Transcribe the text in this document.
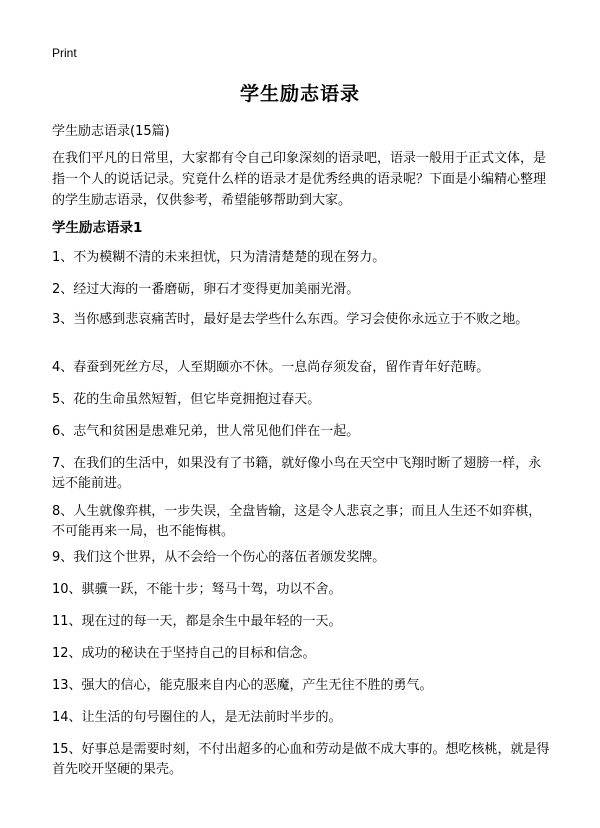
Print
学生励志语录
学生励志语录(15篇)

在我们平凡的日常里，大家都有令自己印象深刻的语录吧，语录一般用于正式文体，是指一个人的说话记录。究竟什么样的语录才是优秀经典的语录呢？下面是小编精心整理的学生励志语录，仅供参考，希望能够帮助到大家。

学生励志语录1
1、不为模糊不清的未来担忧，只为清清楚楚的现在努力。
2、经过大海的一番磨砺，卵石才变得更加美丽光滑。
3、当你感到悲哀痛苦时，最好是去学些什么东西。学习会使你永远立于不败之地。
4、春蚕到死丝方尽，人至期颐亦不休。一息尚存须发奋，留作青年好范畴。
5、花的生命虽然短暂，但它毕竟拥抱过春天。
6、志气和贫困是患难兄弟，世人常见他们伴在一起。
7、在我们的生活中，如果没有了书籍，就好像小鸟在天空中飞翔时断了翅膀一样，永远不能前进。
8、人生就像弈棋，一步失误，全盘皆输，这是令人悲哀之事；而且人生还不如弈棋，不可能再来一局，也不能悔棋。
9、我们这个世界，从不会给一个伤心的落伍者颁发奖牌。
10、骐骥一跃，不能十步；驽马十驾，功以不舍。
11、现在过的每一天，都是余生中最年轻的一天。
12、成功的秘诀在于坚持自己的目标和信念。
13、强大的信心，能克服来自内心的恶魔，产生无往不胜的勇气。
14、让生活的句号圈住的人，是无法前时半步的。
15、好事总是需要时刻，不付出超多的心血和劳动是做不成大事的。想吃核桃，就是得首先咬开坚硬的果壳。
